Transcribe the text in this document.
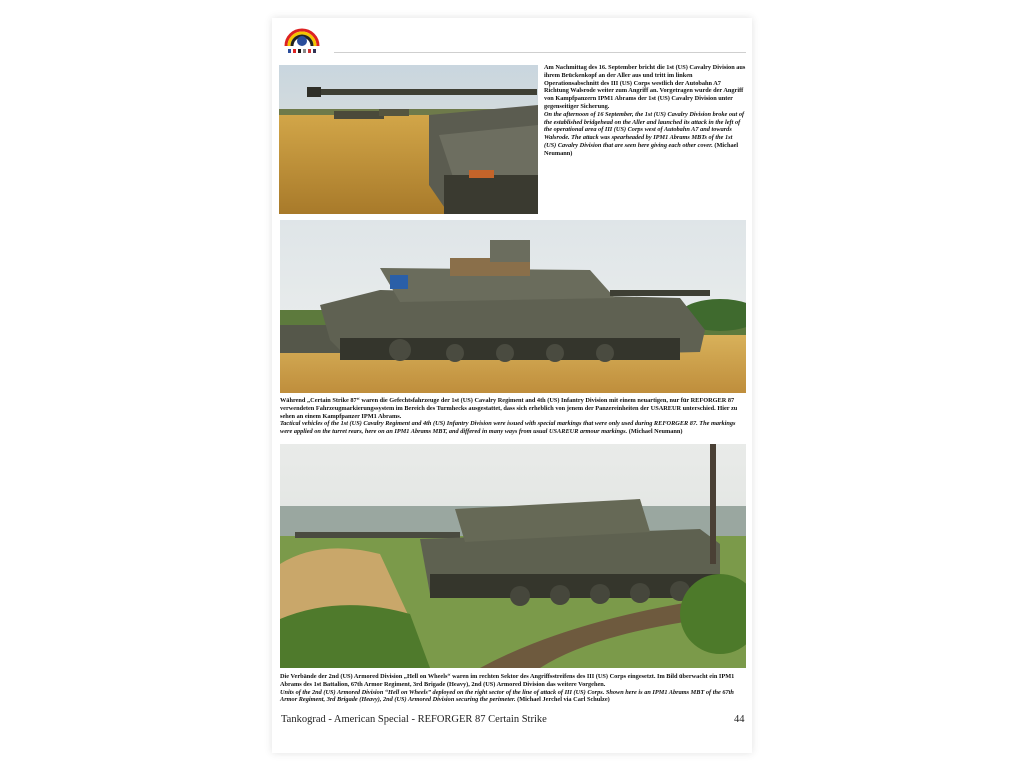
Am Nachmittag des 16. September bricht die 1st (US) Cavalry Division aus ihrem Brückenkopf an der Aller aus und tritt im linken Operationsabschnitt des III (US) Corps westlich der Autobahn A7 Richtung Walsrode weiter zum Angriff an. Vorgetragen wurde der Angriff von Kampfpanzern IPM1 Abrams der 1st (US) Cavalry Division unter gegenseitiger Sicherung.

On the afternoon of 16 September, the 1st (US) Cavalry Division broke out of the established bridgehead on the Aller and launched its attack in the left of the operational area of III (US) Corps west of Autobahn A7 and towards Walsrode. The attack was spearheaded by IPM1 Abrams MBTs of the 1st (US) Cavalry Division that are seen here giving each other cover. (Michael Neumann)

Während „Certain Strike 87“ waren die Gefechtsfahrzeuge der 1st (US) Cavalry Regiment and 4th (US) Infantry Division mit einem neuartigen, nur für REFORGER 87 verwendeten Fahrzeugmarkierungssystem im Bereich des Turmhecks ausgestattet, dass sich erheblich von jenem der Panzereinheiten der USAREUR unterschied. Hier zu sehen an einem Kampfpanzer IPM1 Abrams.

Tactical vehicles of the 1st (US) Cavalry Regiment and 4th (US) Infantry Division were issued with special markings that were only used during REFORGER 87. The markings were applied on the turret rears, here on an IPM1 Abrams MBT, and differed in many ways from usual USAREUR armour markings. (Michael Neumann)

Die Verbände der 2nd (US) Armored Division „Hell on Wheels“ waren im rechten Sektor des Angriffsstreifens des III (US) Corps eingesetzt. Im Bild überwacht ein IPM1 Abrams des 1st Battalion, 67th Armor Regiment, 3rd Brigade (Heavy), 2nd (US) Armored Division das weitere Vorgehen.

Units of the 2nd (US) Armored Division “Hell on Wheels” deployed on the right sector of the line of attack of III (US) Corps. Shown here is an IPM1 Abrams MBT of the 67th Armor Regiment, 3rd Brigade (Heavy), 2nd (US) Armored Division securing the perimeter. (Michael Jerchel via Carl Schulze)

Tankograd - American Special - REFORGER 87 Certain Strike	44
